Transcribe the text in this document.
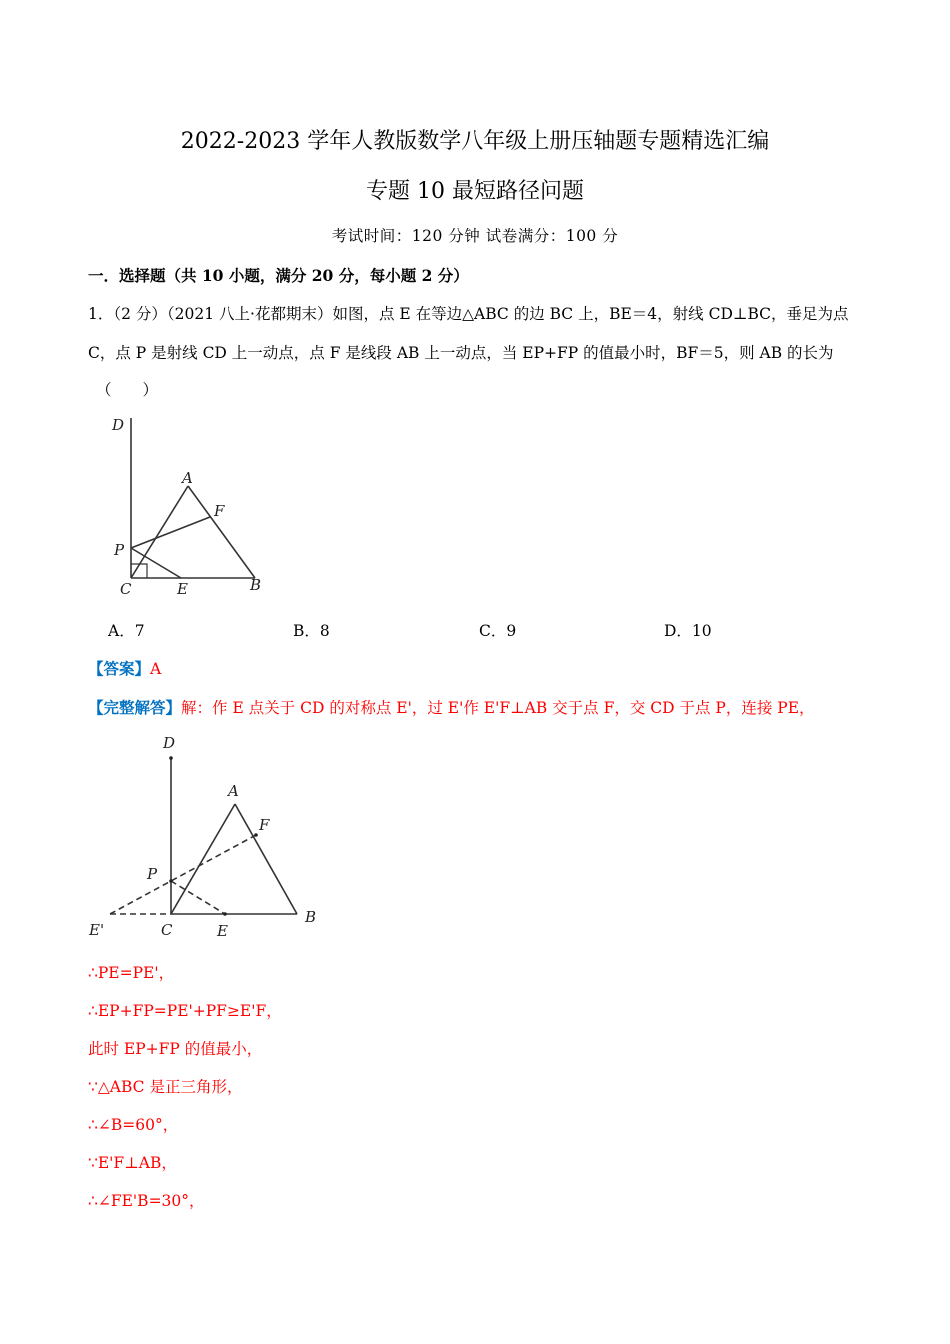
2022-2023 学年人教版数学八年级上册压轴题专题精选汇编
专题 10 最短路径问题
考试时间：120 分钟 试卷满分：100 分
一．选择题（共 10 小题，满分 20 分，每小题 2 分）
1．（2 分）（2021 八上·花都期末）如图，点 E 在等边△ABC 的边 BC 上，BE＝4，射线 CD⊥BC，垂足为点
C，点 P 是射线 CD 上一动点，点 F 是线段 AB 上一动点，当 EP+FP 的值最小时，BF＝5，则 AB 的长为
（　　）
D
A
F
P
C	E	B
A．7	B．8	C．9	D．10
【答案】A
【完整解答】解：作 E 点关于 CD 的对称点 E'，过 E'作 E'F⊥AB 交于点 F，交 CD 于点 P，连接 PE，
D
A
F
P
E'	C	E
B
∴PE=PE'，
∴EP+FP=PE'+PF≥E'F，
此时 EP+FP 的值最小，
∵△ABC 是正三角形，
∴∠B=60°，
∵E'F⊥AB，
∴∠FE'B=30°，
